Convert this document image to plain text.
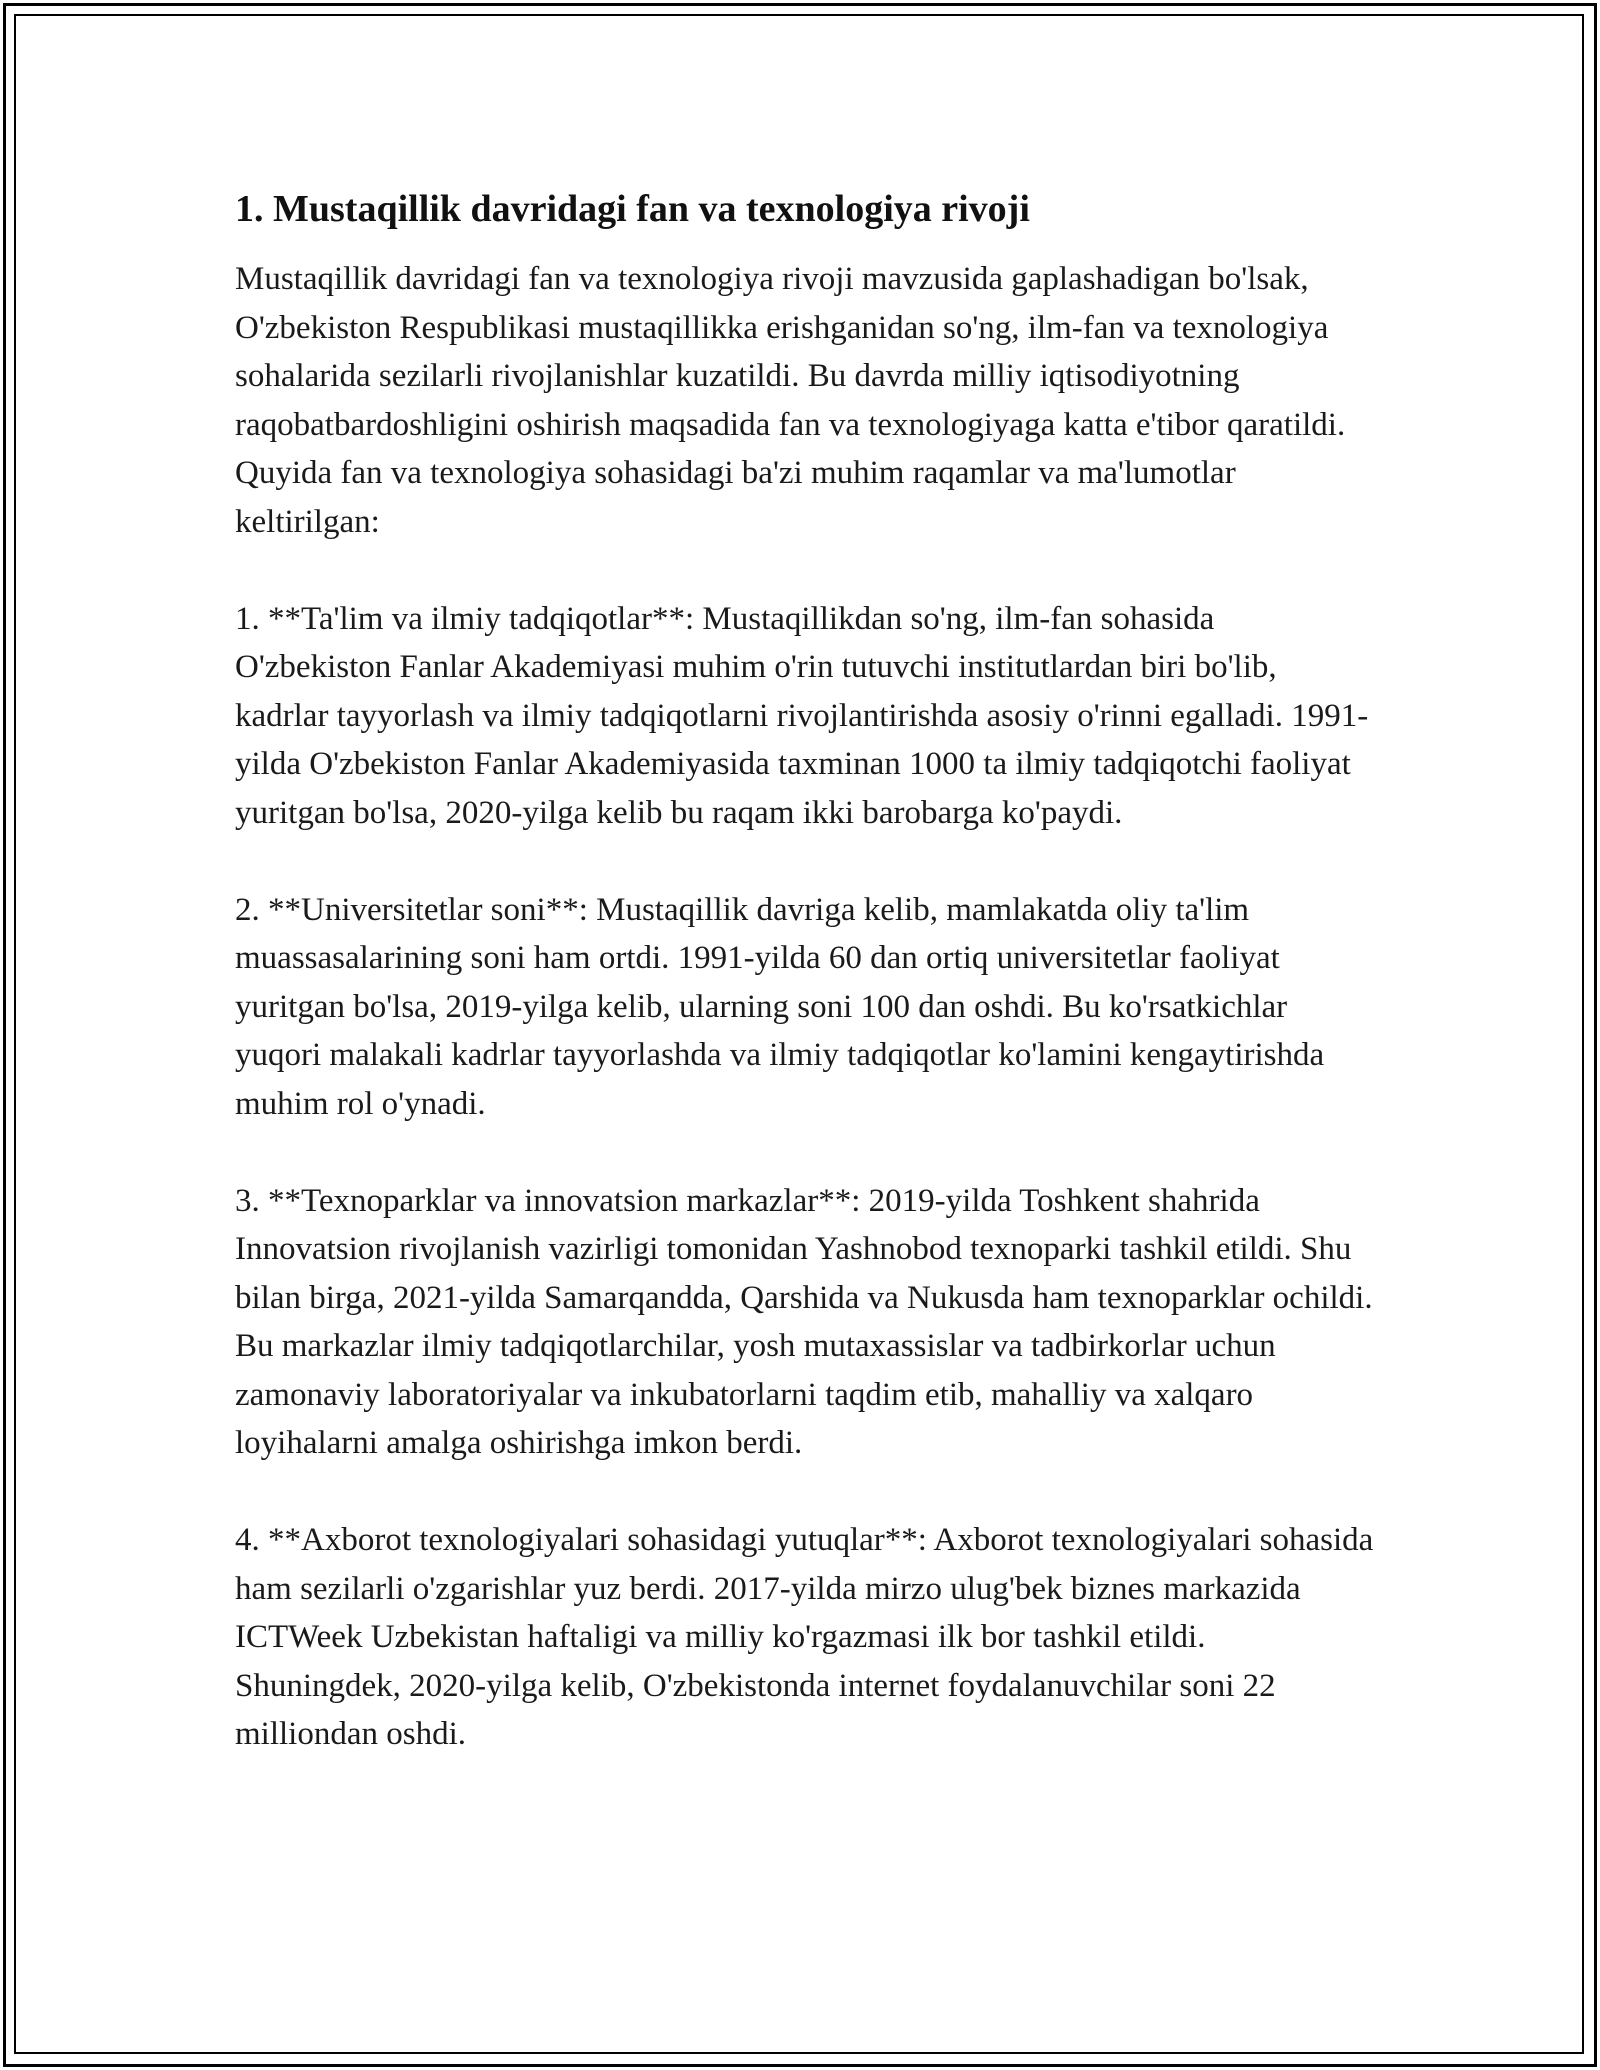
1. Mustaqillik davridagi fan va texnologiya rivoji

Mustaqillik davridagi fan va texnologiya rivoji mavzusida gaplashadigan bo'lsak, O'zbekiston Respublikasi mustaqillikka erishganidan so'ng, ilm-fan va texnologiya sohalarida sezilarli rivojlanishlar kuzatildi. Bu davrda milliy iqtisodiyotning raqobatbardoshligini oshirish maqsadida fan va texnologiyaga katta e'tibor qaratildi. Quyida fan va texnologiya sohasidagi ba'zi muhim raqamlar va ma'lumotlar keltirilgan:

1. **Ta'lim va ilmiy tadqiqotlar**: Mustaqillikdan so'ng, ilm-fan sohasida O'zbekiston Fanlar Akademiyasi muhim o'rin tutuvchi institutlardan biri bo'lib, kadrlar tayyorlash va ilmiy tadqiqotlarni rivojlantirishda asosiy o'rinni egalladi. 1991-yilda O'zbekiston Fanlar Akademiyasida taxminan 1000 ta ilmiy tadqiqotchi faoliyat yuritgan bo'lsa, 2020-yilga kelib bu raqam ikki barobarga ko'paydi.

2. **Universitetlar soni**: Mustaqillik davriga kelib, mamlakatda oliy ta'lim muassasalarining soni ham ortdi. 1991-yilda 60 dan ortiq universitetlar faoliyat yuritgan bo'lsa, 2019-yilga kelib, ularning soni 100 dan oshdi. Bu ko'rsatkichlar yuqori malakali kadrlar tayyorlashda va ilmiy tadqiqotlar ko'lamini kengaytirishda muhim rol o'ynadi.

3. **Texnoparklar va innovatsion markazlar**: 2019-yilda Toshkent shahrida Innovatsion rivojlanish vazirligi tomonidan Yashnobod texnoparki tashkil etildi. Shu bilan birga, 2021-yilda Samarqandda, Qarshida va Nukusda ham texnoparklar ochildi. Bu markazlar ilmiy tadqiqotlarchilar, yosh mutaxassislar va tadbirkorlar uchun zamonaviy laboratoriyalar va inkubatorlarni taqdim etib, mahalliy va xalqaro loyihalarni amalga oshirishga imkon berdi.

4. **Axborot texnologiyalari sohasidagi yutuqlar**: Axborot texnologiyalari sohasida ham sezilarli o'zgarishlar yuz berdi. 2017-yilda mirzo ulug'bek biznes markazida ICTWeek Uzbekistan haftaligi va milliy ko'rgazmasi ilk bor tashkil etildi. Shuningdek, 2020-yilga kelib, O'zbekistonda internet foydalanuvchilar soni 22 milliondan oshdi.
